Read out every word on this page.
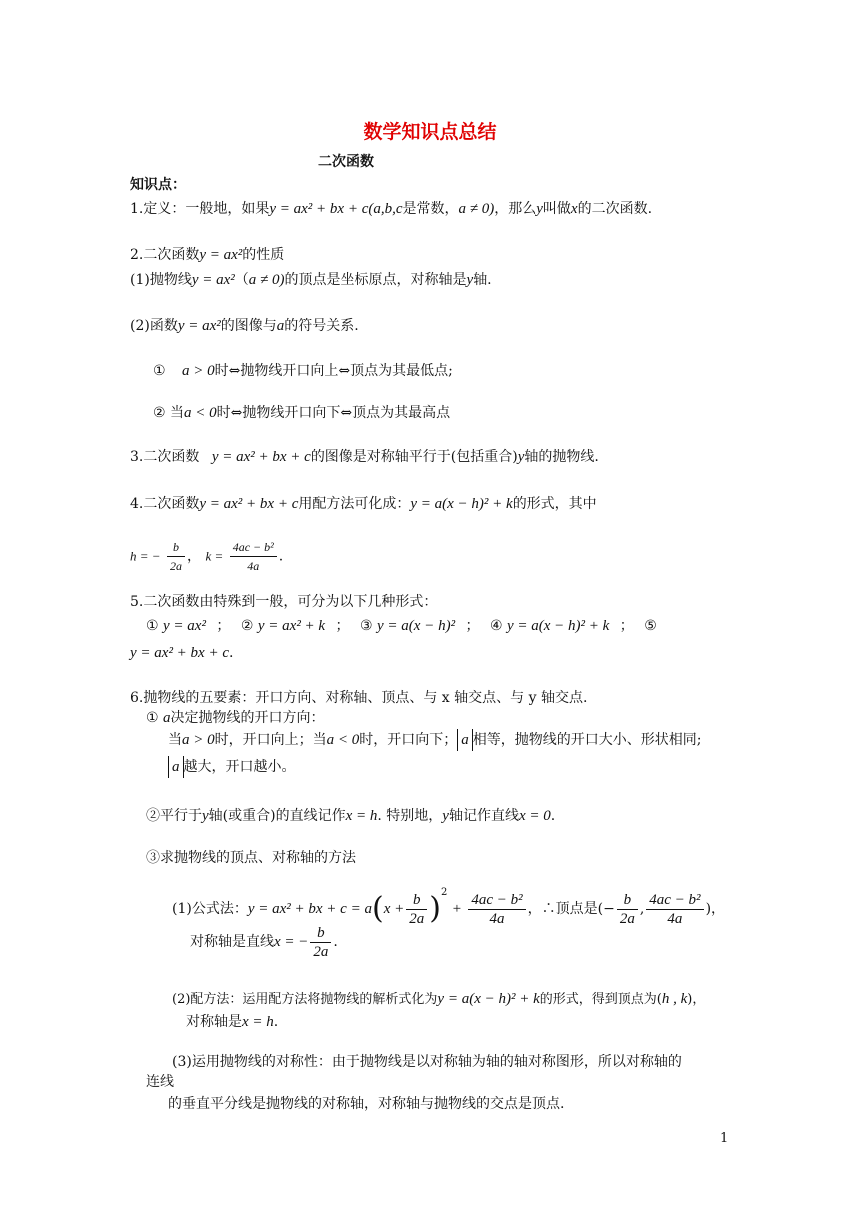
数学知识点总结
二次函数
知识点：
1.定义：一般地，如果y = ax² + bx + c(a,b,c是常数，a ≠ 0)，那么y叫做x的二次函数.
2.二次函数y = ax²的性质
(1)抛物线y = ax²（a ≠ 0)的顶点是坐标原点，对称轴是y轴.
(2)函数y = ax²的图像与a的符号关系.
① a > 0时⇔抛物线开口向上⇔顶点为其最低点;
② 当a < 0时⇔抛物线开口向下⇔顶点为其最高点
3.二次函数 y = ax² + bx + c的图像是对称轴平行于(包括重合)y轴的抛物线.
4.二次函数y = ax² + bx + c用配方法可化成：y = a(x − h)² + k的形式，其中
h = − $\frac{b}{2a}$ ， $k = \frac{\text{4ac − b²}}{4a}$ .
5.二次函数由特殊到一般，可分为以下几种形式：
① y = ax² ； ② y = ax² + k ； ③ y = a(x − h)² ； ④ y = a(x − h)² + k ； ⑤
y = ax² + bx + c.
6.抛物线的五要素：开口方向、对称轴、顶点、与 x 轴交点、与 y 轴交点.
① a决定抛物线的开口方向：
当a > 0时，开口向上；当a < 0时，开口向下； a 相等，抛物线的开口大小、形状相同;
a 越大，开口越小。
②平行于y轴(或重合)的直线记作x = h. 特别地，y轴记作直线x = 0.
③求抛物线的顶点、对称轴的方法
(1)公式法：y = ax² + bx + $c = a(x + \frac{b}{2a} )^2 + \frac{\text{4ac − b²}}{4a}$ ，∴顶点是(− $\frac{b}{2a}$ , $\frac{\text{4ac − b²}}{4a}$ )，
对称轴是直线x = − $\frac{b}{2a}$ .
(2)配方法：运用配方法将抛物线的解析式化为y = a(x − h)² + k的形式，得到顶点为(h , k)，
对称轴是x = h.
(3)运用抛物线的对称性：由于抛物线是以对称轴为轴的轴对称图形，所以对称轴的
连线
的垂直平分线是抛物线的对称轴，对称轴与抛物线的交点是顶点.
1
